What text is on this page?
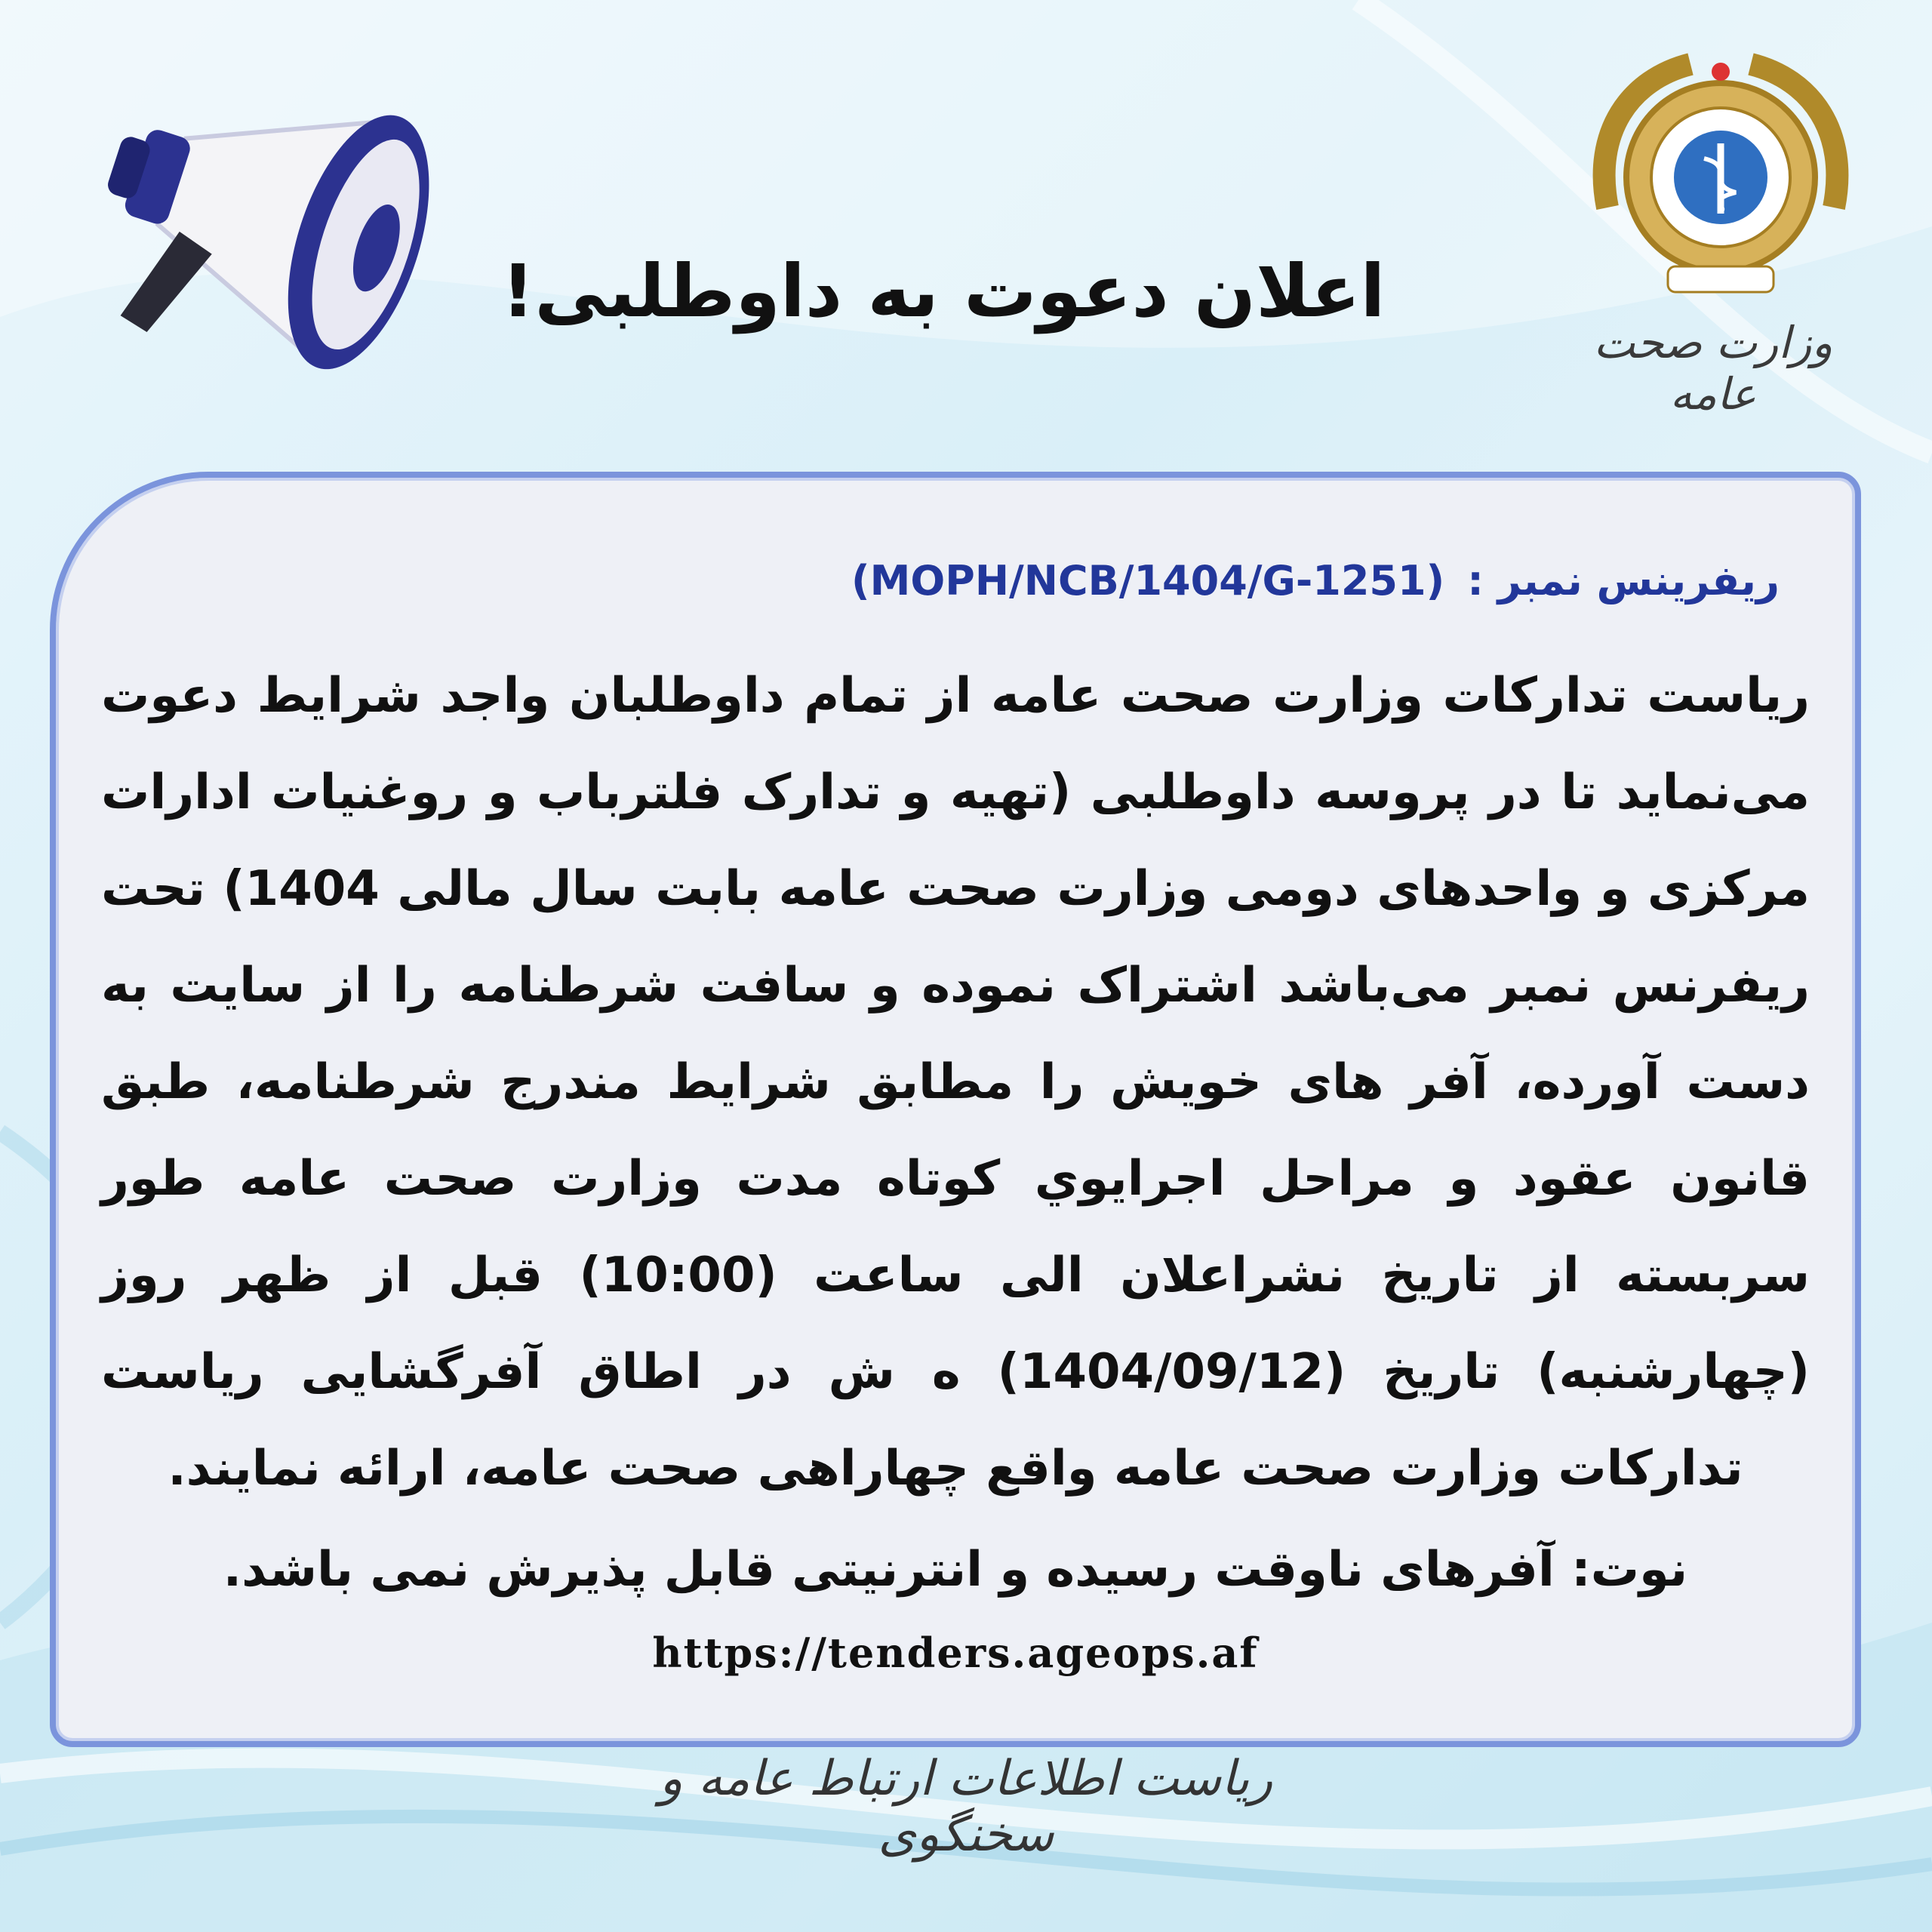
وزارت صحت عامه
اعلان دعوت به داوطلبی!
ریفرینس نمبر :(MOPH/NCB/1404/G-1251)
ریاست تدارکات وزارت صحت عامه از تمام داوطلبان واجد شرایط دعوت می‌نماید تا در پروسه داوطلبی (تهیه و تدارک فلترباب و روغنیات ادارات مرکزی و واحدهای دومی وزارت صحت عامه بابت سال مالی 1404) تحت ریفرنس نمبر می‌باشد اشتراک نموده و سافت شرطنامه را از سایت به دست آورده، آفر های خویش را مطابق شرایط مندرج شرطنامه، طبق قانون عقود و مراحل اجرایوي کوتاه مدت وزارت صحت عامه طور سربسته از تاریخ نشراعلان الی ساعت (10:00) قبل از ظهر روز (چهارشنبه) تاریخ (1404/09/12) ه ش در اطاق آفرگشایی ریاست تدارکات وزارت صحت عامه واقع چهاراهی صحت عامه، ارائه نمایند.
نوت: آفرهای ناوقت رسیده و انترنیتی قابل پذیرش نمی باشد.
https://tenders.ageops.af
ریاست اطلاعات ارتباط عامه و سخنگوی
